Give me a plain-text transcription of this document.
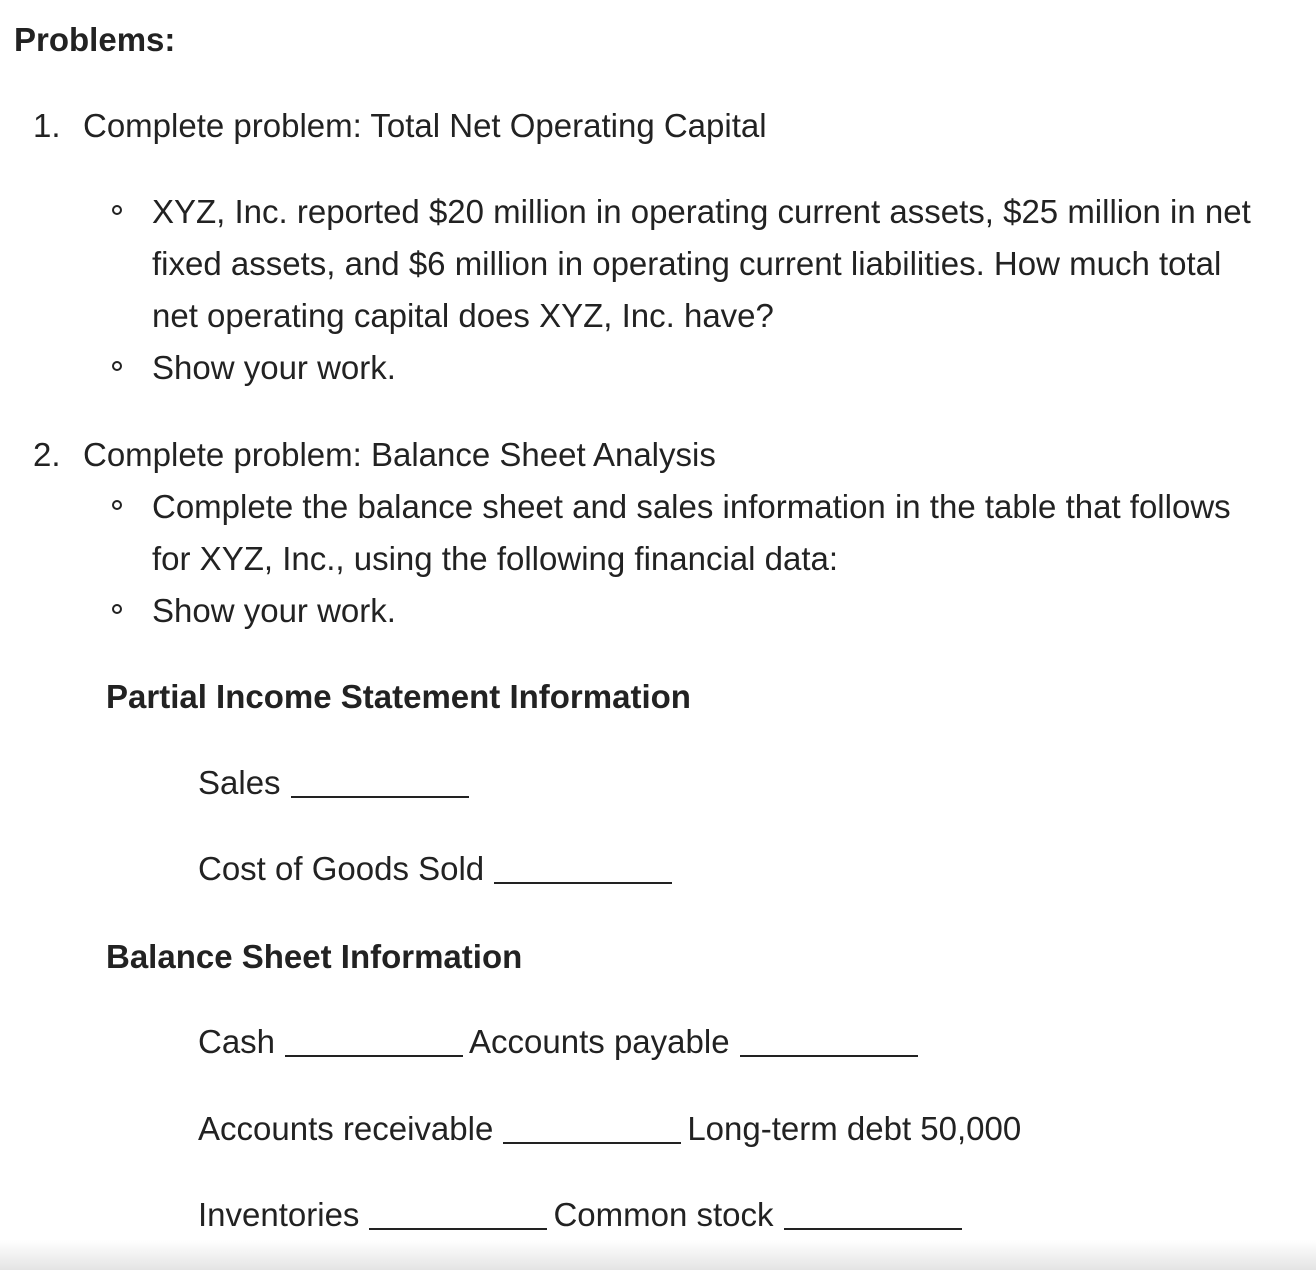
Problems:
1. Complete problem: Total Net Operating Capital
XYZ, Inc. reported $20 million in operating current assets, $25 million in net fixed assets, and $6 million in operating current liabilities. How much total net operating capital does XYZ, Inc. have?
Show your work.
2. Complete problem: Balance Sheet Analysis
Complete the balance sheet and sales information in the table that follows for XYZ, Inc., using the following financial data:
Show your work.
Partial Income Statement Information
Sales
Cost of Goods Sold
Balance Sheet Information
Cash	Accounts payable
Accounts receivable	Long-term debt 50,000
Inventories	Common stock
